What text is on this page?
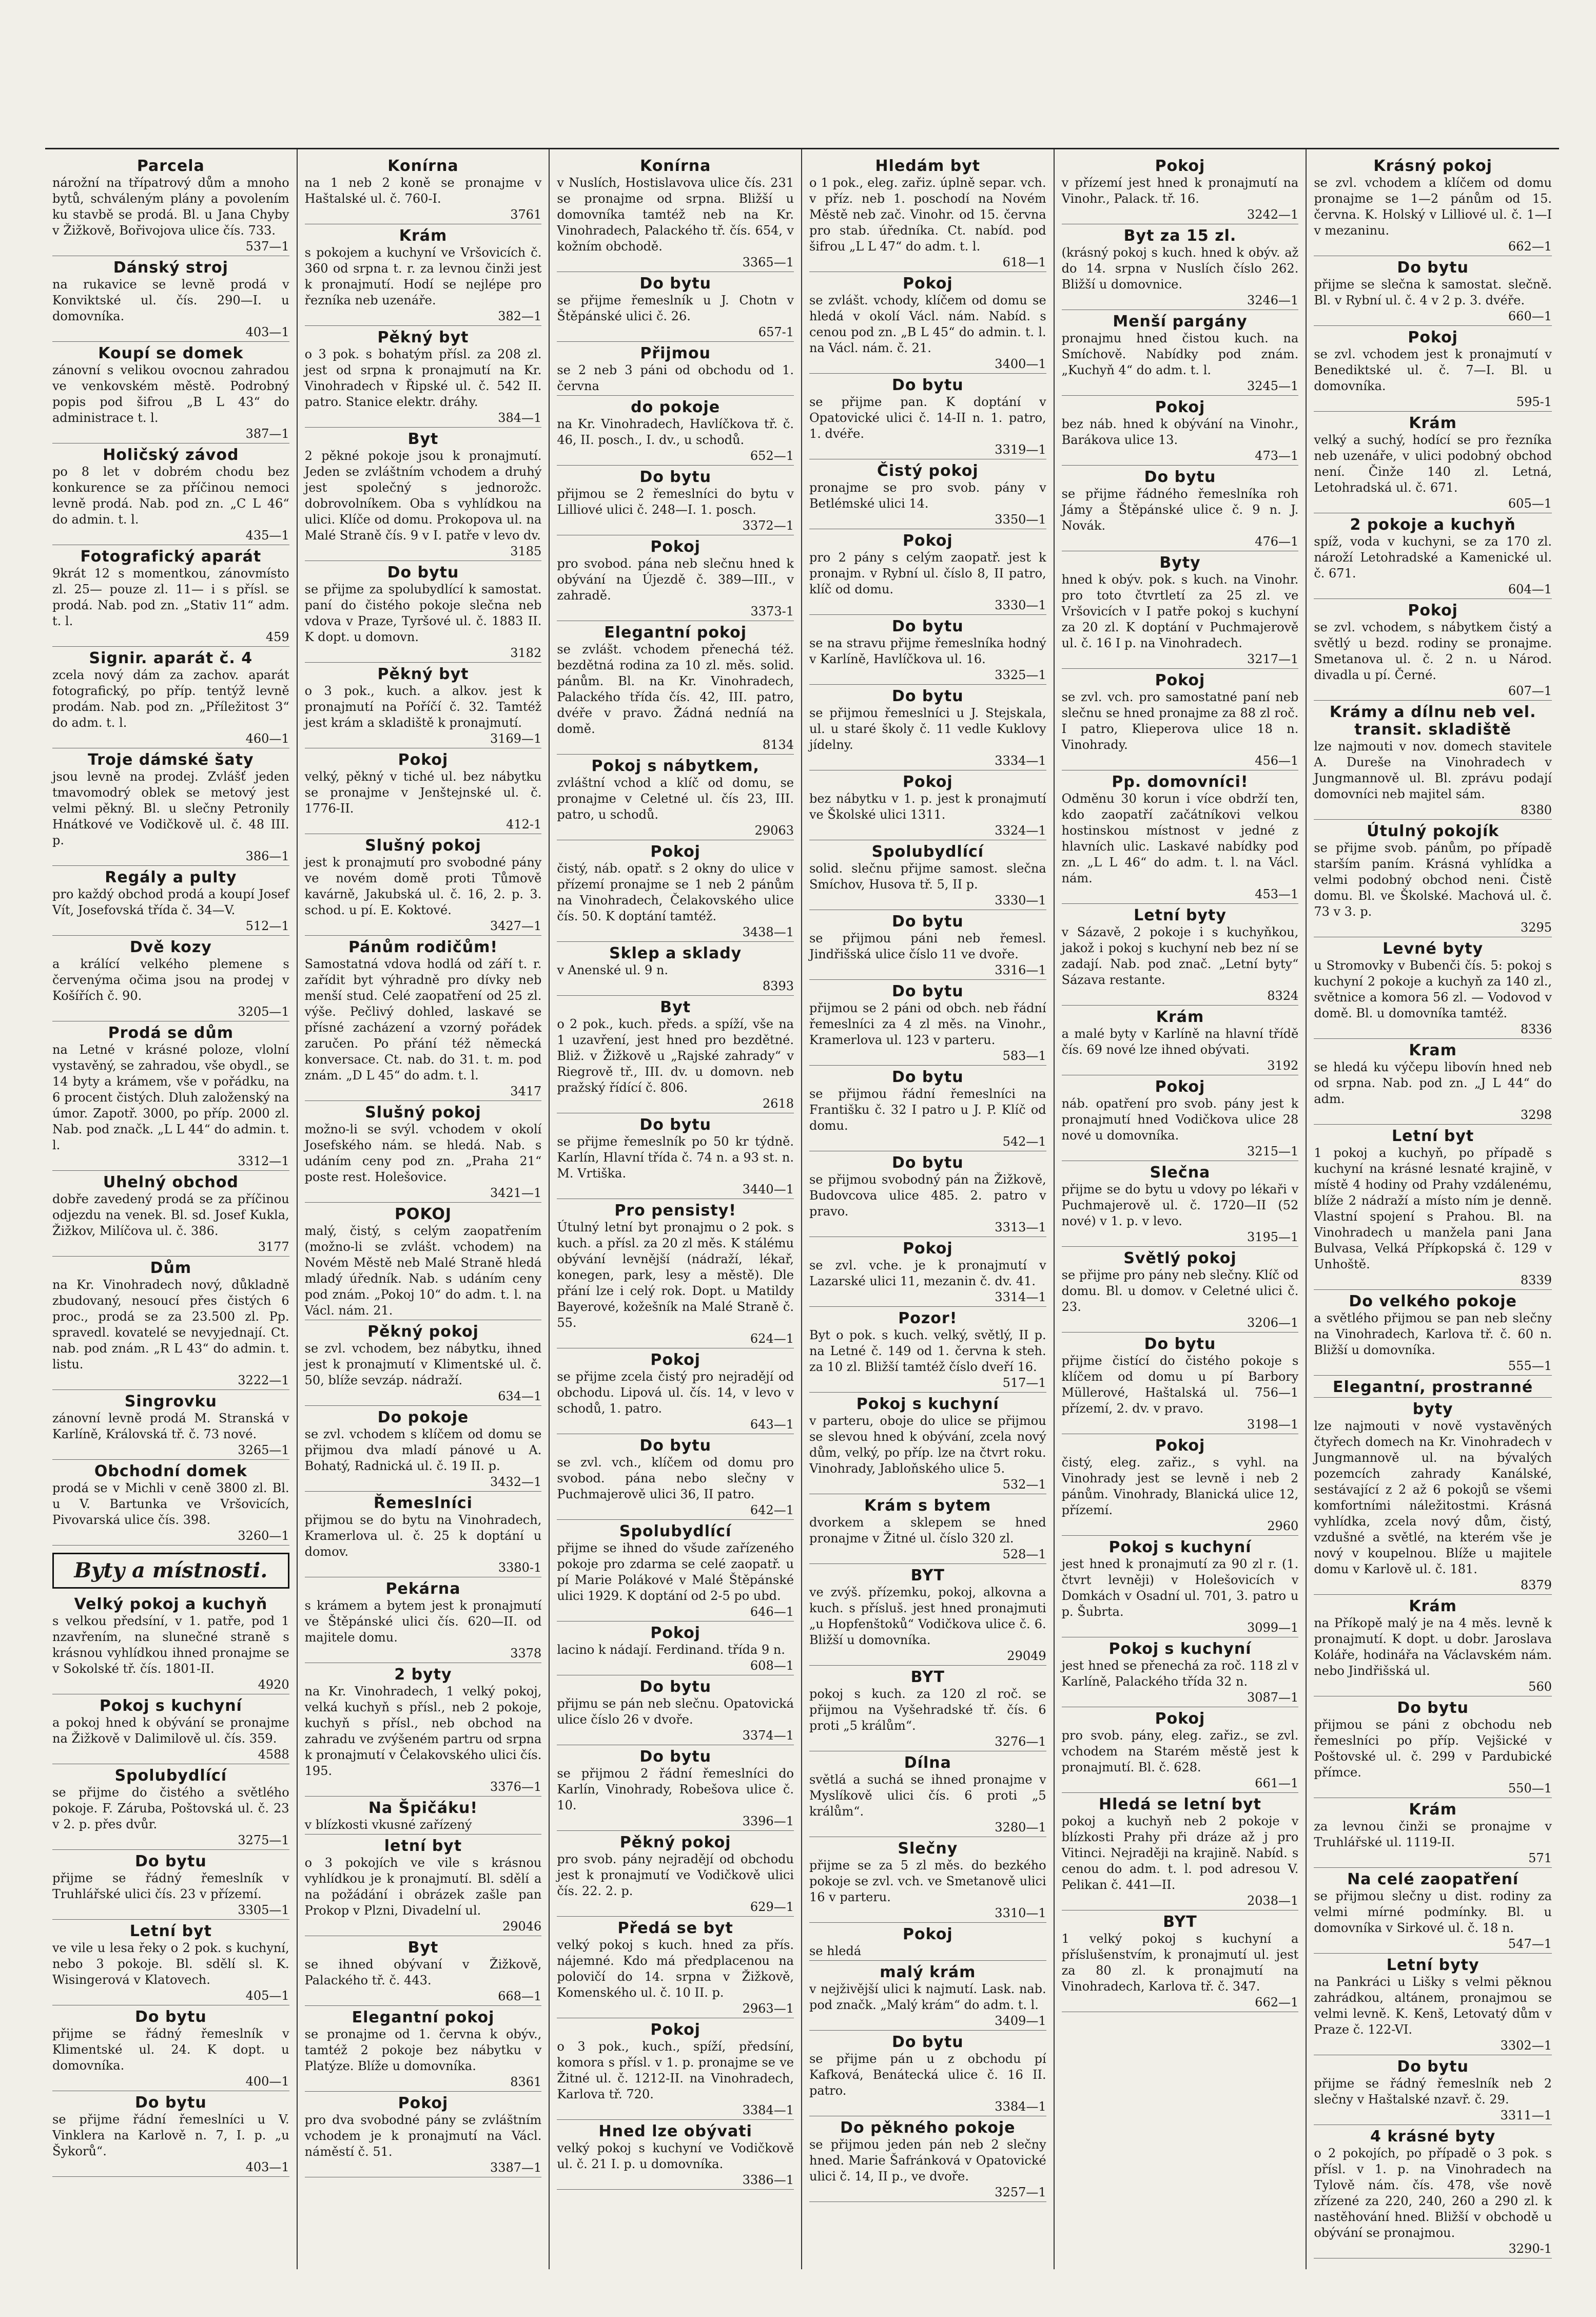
Parcela

nárožní na třípatrový dům a mnoho bytů, schváleným plány a povolením ku stavbě se prodá. Bl. u Jana Chyby v Žižkově, Bořivojova ulice čís. 733.

537—1
Dánský stroj

na rukavice se levně prodá v Konviktské ul. čís. 290—I. u domovníka.

403—1
Koupí se domek

zánovní s velikou ovocnou zahradou ve venkovském městě. Podrobný popis pod šifrou „B L 43“ do administrace t. l.

387—1
Holičský závod

po 8 let v dobrém chodu bez konkurence se za příčinou nemoci levně prodá. Nab. pod zn. „C L 46“ do admin. t. l.

435—1
Fotografický aparát

9krát 12 s momentkou, zánovmísto zl. 25— pouze zl. 11— i s přísl. se prodá. Nab. pod zn. „Stativ 11“ adm. t. l.

459
Signir. aparát č. 4

zcela nový dám za zachov. aparát fotografický, po příp. tentýž levně prodám. Nab. pod zn. „Příležitost 3“ do adm. t. l.

460—1
Troje dámské šaty

jsou levně na prodej. Zvlášť jeden tmavomodrý oblek se metový jest velmi pěkný. Bl. u slečny Petronily Hnátkové ve Vodičkově ul. č. 48 III. p.

386—1
Regály a pulty

pro každý obchod prodá a koupí Josef Vít, Josefovská třída č. 34—V.

512—1
Dvě kozy

a králící velkého plemene s červenýma očima jsou na prodej v Košířích č. 90.

3205—1
Prodá se dům

na Letné v krásné poloze, vlolní vystavěný, se zahradou, vše obydl., se 14 byty a krámem, vše v pořádku, na 6 procent čistých. Dluh založenský na úmor. Zapotř. 3000, po příp. 2000 zl. Nab. pod značk. „L L 44“ do admin. t. l.

3312—1
Uhelný obchod

dobře zavedený prodá se za příčinou odjezdu na venek. Bl. sd. Josef Kukla, Žižkov, Milíčova ul. č. 386.

3177
Dům

na Kr. Vinohradech nový, důkladně zbudovaný, nesoucí přes čistých 6 proc., prodá se za 23.500 zl. Pp. spravedl. kovatelé se nevyjednají. Ct. nab. pod znám. „R L 43“ do admin. t. listu.

3222—1
Singrovku

zánovní levně prodá M. Stranská v Karlíně, Královská tř. č. 73 nové.

3265—1
Obchodní domek

prodá se v Michli v ceně 3800 zl. Bl. u V. Bartunka ve Vršovicích, Pivovarská ulice čís. 398.

3260—1
Byty a místnosti.
Velký pokoj a kuchyň

s velkou předsíní, v 1. patře, pod 1 nzavřením, na slunečné straně s krásnou vyhlídkou ihned pronajme se v Sokolské tř. čís. 1801-II.

4920
Pokoj s kuchyní

a pokoj hned k obývání se pronajme na Žižkově v Dalimilově ul. čís. 359.

4588
Spolubydlící

se přijme do čistého a světlého pokoje. F. Záruba, Poštovská ul. č. 23 v 2. p. přes dvůr.

3275—1
Do bytu

přijme se řádný řemeslník v Truhlářské ulici čís. 23 v přízemí.

3305—1
Letní byt

ve vile u lesa řeky o 2 pok. s kuchyní, nebo 3 pokoje. Bl. sdělí sl. K. Wisingerová v Klatovech.

405—1
Do bytu

přijme se řádný řemeslník v Klimentské ul. 24. K dopt. u domovníka.

400—1
Do bytu

se přijme řádní řemeslníci u V. Vinklera na Karlově n. 7, I. p. „u Šykorů“.

403—1
Konírna

na 1 neb 2 koně se pronajme v Haštalské ul. č. 760-I.

3761
Krám

s pokojem a kuchyní ve Vršovicích č. 360 od srpna t. r. za levnou činži jest k pronajmutí. Hodí se nejlépe pro řezníka neb uzenáře.

382—1
Pěkný byt

o 3 pok. s bohatým přísl. za 208 zl. jest od srpna k pronajmutí na Kr. Vinohradech v Řipské ul. č. 542 II. patro. Stanice elektr. dráhy.

384—1
Byt

2 pěkné pokoje jsou k pronajmutí. Jeden se zvláštním vchodem a druhý jest společný s jednorožc. dobrovolníkem. Oba s vyhlídkou na ulici. Klíče od domu. Prokopova ul. na Malé Straně čís. 9 v I. patře v levo dv.

3185
Do bytu

se přijme za spolubydlící k samostat. paní do čistého pokoje slečna neb vdova v Praze, Tyršové ul. č. 1883 II. K dopt. u domovn.

3182
Pěkný byt

o 3 pok., kuch. a alkov. jest k pronajmutí na Poříčí č. 32. Tamtéž jest krám a skladiště k pronajmutí.

3169—1
Pokoj

velký, pěkný v tiché ul. bez nábytku se pronajme v Jenštejnské ul. č. 1776-II.

412-1
Slušný pokoj

jest k pronajmutí pro svobodné pány ve novém domě proti Tůmově kavárně, Jakubská ul. č. 16, 2. p. 3. schod. u pí. E. Koktové.

3427—1
Pánům rodičům!

Samostatná vdova hodlá od září t. r. zařídit byt výhradně pro dívky neb menší stud. Celé zaopatření od 25 zl. výše. Pečlivý dohled, laskavé se přísné zacházení a vzorný pořádek zaručen. Po přání též německá konversace. Ct. nab. do 31. t. m. pod znám. „D L 45“ do adm. t. l.

3417
Slušný pokoj

možno-li se svýl. vchodem v okolí Josefského nám. se hledá. Nab. s udáním ceny pod zn. „Praha 21“ poste rest. Holešovice.

3421—1
POKOJ

malý, čistý, s celým zaopatřením (možno-li se zvlášt. vchodem) na Novém Městě neb Malé Straně hledá mladý úředník. Nab. s udáním ceny pod znám. „Pokoj 10“ do adm. t. l. na Václ. nám. 21.

Pěkný pokoj

se zvl. vchodem, bez nábytku, ihned jest k pronajmutí v Klimentské ul. č. 50, blíže sevzáp. nádraží.

634—1
Do pokoje

se zvl. vchodem s klíčem od domu se přijmou dva mladí pánové u A. Bohatý, Radnická ul. č. 19 II. p.

3432—1
Řemeslníci

přijmou se do bytu na Vinohradech, Kramerlova ul. č. 25 k doptání u domov.

3380-1
Pekárna

s krámem a bytem jest k pronajmutí ve Štěpánské ulici čís. 620—II. od majitele domu.

3378
2 byty

na Kr. Vinohradech, 1 velký pokoj, velká kuchyň s přísl., neb 2 pokoje, kuchyň s přísl., neb obchod na zahradu ve zvýšeném partru od srpna k pronajmutí v Čelakovského ulici čís. 195.

3376—1
Na Špičáku!

v blízkosti vkusné zařízený

letní byt

o 3 pokojích ve vile s krásnou vyhlídkou je k pronajmutí. Bl. sdělí a na požádání i obrázek zašle pan Prokop v Plzni, Divadelní ul.

29046
Byt

se ihned obývaní v Žižkově, Palackého tř. č. 443.

668—1
Elegantní pokoj

se pronajme od 1. června k obýv., tamtéž 2 pokoje bez nábytku v Platýze. Blíže u domovníka.

8361
Pokoj

pro dva svobodné pány se zvláštním vchodem je k pronajmutí na Václ. náměstí č. 51.

3387—1
Konírna

v Nuslích, Hostislavova ulice čís. 231 se pronajme od srpna. Bližší u domovníka tamtéž neb na Kr. Vinohradech, Palackého tř. čís. 654, v kožním obchodě.

3365—1
Do bytu

se přijme řemeslník u J. Chotn v Štěpánské ulici č. 26.

657-1
Přijmou

se 2 neb 3 páni od obchodu od 1. června

do pokoje

na Kr. Vinohradech, Havlíčkova tř. č. 46, II. posch., I. dv., u schodů.

652—1
Do bytu

přijmou se 2 řemeslníci do bytu v Lilliové ulici č. 248—I. 1. posch.

3372—1
Pokoj

pro svobod. pána neb slečnu hned k obývání na Újezdě č. 389—III., v zahradě.

3373-1
Elegantní pokoj

se zvlášt. vchodem přenechá též. bezdětná rodina za 10 zl. měs. solid. pánům. Bl. na Kr. Vinohradech, Palackého třída čís. 42, III. patro, dvéře v pravo. Žádná nedníá na domě.

8134
Pokoj s nábytkem,

zvláštní vchod a klíč od domu, se pronajme v Celetné ul. čís 23, III. patro, u schodů.

29063
Pokoj

čistý, náb. opatř. s 2 okny do ulice v přízemí pronajme se 1 neb 2 pánům na Vinohradech, Čelakovského ulice čís. 50. K doptání tamtéž.

3438—1
Sklep a sklady

v Anenské ul. 9 n.

8393
Byt

o 2 pok., kuch. předs. a spíží, vše na 1 uzavření, jest hned pro bezdětné. Bliž. v Žižkově u „Rajské zahrady“ v Riegrově tř., III. dv. u domovn. neb pražský řídící č. 806.

2618
Do bytu

se přijme řemeslník po 50 kr týdně. Karlín, Hlavní třída č. 74 n. a 93 st. n. M. Vrtiška.

3440—1
Pro pensisty!

Útulný letní byt pronajmu o 2 pok. s kuch. a přísl. za 20 zl měs. K stálému obývání levnější (nádraží, lékař, konegen, park, lesy a městě). Dle přání lze i celý rok. Dopt. u Matildy Bayerové, kožešník na Malé Straně č. 55.

624—1
Pokoj

se přijme zcela čistý pro nejradějí od obchodu. Lipová ul. čís. 14, v levo v schodů, 1. patro.

643—1
Do bytu

se zvl. vch., klíčem od domu pro svobod. pána nebo slečny v Puchmajerově ulici 36, II patro.

642—1
Spolubydlící

přijme se ihned do všude zařízeného pokoje pro zdarma se celé zaopatř. u pí Marie Polákové v Malé Štěpánské ulici 1929. K doptání od 2-5 po ubd.

646—1
Pokoj

lacino k nádají. Ferdinand. třída 9 n.

608—1
Do bytu

přijmu se pán neb slečnu. Opatovická ulice číslo 26 v dvoře.

3374—1
Do bytu

se přijmou 2 řádní řemeslníci do Karlín, Vinohrady, Robešova ulice č. 10.

3396—1
Pěkný pokoj

pro svob. pány nejradějí od obchodu jest k pronajmutí ve Vodičkově ulici čís. 22. 2. p.

629—1
Předá se byt

velký pokoj s kuch. hned za přís. nájemné. Kdo má předplacenou na polovičí do 14. srpna v Žižkově, Komenského ul. č. 10 II. p.

2963—1
Pokoj

o 3 pok., kuch., spíží, předsíní, komora s přísl. v 1. p. pronajme se ve Žitné ul. č. 1212-II. na Vinohradech, Karlova tř. 720.

3384—1
Hned lze obývati

velký pokoj s kuchyní ve Vodičkově ul. č. 21 I. p. u domovníka.

3386—1
Hledám byt

o 1 pok., eleg. zařiz. úplně separ. vch. v příz. neb 1. poschodí na Novém Městě neb zač. Vinohr. od 15. června pro stab. úředníka. Ct. nabíd. pod šifrou „L L 47“ do adm. t. l.

618—1
Pokoj

se zvlášt. vchody, klíčem od domu se hledá v okolí Václ. nám. Nabíd. s cenou pod zn. „B L 45“ do admin. t. l. na Václ. nám. č. 21.

3400—1
Do bytu

se přijme pan. K doptání v Opatovické ulici č. 14-II n. 1. patro, 1. dvéře.

3319—1
Čistý pokoj

pronajme se pro svob. pány v Betlémské ulici 14.

3350—1
Pokoj

pro 2 pány s celým zaopatř. jest k pronajm. v Rybní ul. číslo 8, II patro, klíč od domu.

3330—1
Do bytu

se na stravu přijme řemeslníka hodný v Karlíně, Havlíčkova ul. 16.

3325—1
Do bytu

se přijmou řemeslníci u J. Stejskala, ul. u staré školy č. 11 vedle Kuklovy jídelny.

3334—1
Pokoj

bez nábytku v 1. p. jest k pronajmutí ve Školské ulici 1311.

3324—1
Spolubydlící

solid. slečnu přijme samost. slečna Smíchov, Husova tř. 5, II p.

3330—1
Do bytu

se přijmou páni neb řemesl. Jindřišská ulice číslo 11 ve dvoře.

3316—1
Do bytu

přijmou se 2 páni od obch. neb řádní řemeslníci za 4 zl měs. na Vinohr., Kramerlova ul. 123 v parteru.

583—1
Do bytu

se přijmou řádní řemeslníci na Františku č. 32 I patro u J. P. Klíč od domu.

542—1
Do bytu

se přijmou svobodný pán na Žižkově, Budovcova ulice 485. 2. patro v pravo.

3313—1
Pokoj

se zvl. vche. je k pronajmutí v Lazarské ulici 11, mezanin č. dv. 41.

3314—1
Pozor!

Byt o pok. s kuch. velký, světlý, II p. na Letné č. 149 od 1. června k steh. za 10 zl. Bližší tamtéž číslo dveří 16.

517—1
Pokoj s kuchyní

v parteru, oboje do ulice se přijmou se slevou hned k obývání, zcela nový dům, velký, po příp. lze na čtvrt roku. Vinohrady, Jabloňského ulice 5.

532—1
Krám s bytem

dvorkem a sklepem se hned pronajme v Žitné ul. číslo 320 zl.

528—1
BYT

ve zvýš. přízemku, pokoj, alkovna a kuch. s přísluš. jest hned pronajmuti „u Hopfenštoků“ Vodičkova ulice č. 6. Bližší u domovníka.

29049
BYT

pokoj s kuch. za 120 zl roč. se přijmou na Vyšehradské tř. čís. 6 proti „5 králům“.

3276—1
Dílna

světlá a suchá se ihned pronajme v Myslíkově ulici čís. 6 proti „5 králům“.

3280—1
Slečny

přijme se za 5 zl měs. do bezkého pokoje se zvl. vch. ve Smetanově ulici 16 v parteru.

3310—1
Pokoj

se hledá

malý krám

v nejživější ulici k najmutí. Lask. nab. pod značk. „Malý krám“ do adm. t. l.

3409—1
Do bytu

se přijme pán u z obchodu pí Kafková, Benátecká ulice č. 16 II. patro.

3384—1
Do pěkného pokoje

se přijmou jeden pán neb 2 slečny hned. Marie Šafránková v Opatovické ulici č. 14, II p., ve dvoře.

3257—1
Pokoj

v přízemí jest hned k pronajmutí na Vinohr., Palack. tř. 16.

3242—1
Byt za 15 zl.

(krásný pokoj s kuch. hned k obýv. až do 14. srpna v Nuslích číslo 262. Bližší u domovnice.

3246—1
Menší pargány

pronajmu hned čistou kuch. na Smíchově. Nabídky pod znám. „Kuchyň 4“ do adm. t. l.

3245—1
Pokoj

bez náb. hned k obývání na Vinohr., Barákova ulice 13.

473—1
Do bytu

se přijme řádného řemeslníka roh Jámy a Štěpánské ulice č. 9 n. J. Novák.

476—1
Byty

hned k obýv. pok. s kuch. na Vinohr. pro toto čtvrtletí za 25 zl. ve Vršovicích v I patře pokoj s kuchyní za 20 zl. K doptání v Puchmajerově ul. č. 16 I p. na Vinohradech.

3217—1
Pokoj

se zvl. vch. pro samostatné paní neb slečnu se hned pronajme za 88 zl roč. I patro, Klieperova ulice 18 n. Vinohrady.

456—1
Pp. domovníci!

Odměnu 30 korun i více obdrží ten, kdo zaopatří začátníkovi velkou hostinskou místnost v jedné z hlavních ulic. Laskavé nabídky pod zn. „L L 46“ do adm. t. l. na Václ. nám.

453—1
Letní byty

v Sázavě, 2 pokoje i s kuchyňkou, jakož i pokoj s kuchyní neb bez ní se zadají. Nab. pod znač. „Letní byty“ Sázava restante.

8324
Krám

a malé byty v Karlíně na hlavní třídě čís. 69 nové lze ihned obývati.

3192
Pokoj

náb. opatření pro svob. pány jest k pronajmutí hned Vodičkova ulice 28 nové u domovníka.

3215—1
Slečna

přijme se do bytu u vdovy po lékaři v Puchmajerově ul. č. 1720—II (52 nové) v 1. p. v levo.

3195—1
Světlý pokoj

se přijme pro pány neb slečny. Klíč od domu. Bl. u domov. v Celetné ulici č. 23.

3206—1
Do bytu

přijme čistící do čistého pokoje s klíčem od domu u pí Barbory Müllerové, Haštalská ul. 756—1 přízemí, 2. dv. v pravo.

3198—1
Pokoj

čistý, eleg. zařiz., s vyhl. na Vinohrady jest se levně i neb 2 pánům. Vinohrady, Blanická ulice 12, přízemí.

2960
Pokoj s kuchyní

jest hned k pronajmutí za 90 zl r. (1. čtvrt levněji) v Holešovicích v Domkách v Osadní ul. 701, 3. patro u p. Šubrta.

3099—1
Pokoj s kuchyní

jest hned se přenechá za roč. 118 zl v Karlíně, Palackého třída 32 n.

3087—1
Pokoj

pro svob. pány, eleg. zařiz., se zvl. vchodem na Starém městě jest k pronajmutí. Bl. č. 628.

661—1
Hledá se letní byt

pokoj a kuchyň neb 2 pokoje v blízkosti Prahy při dráze až j pro Vitinci. Nejraději na krajině. Nabíd. s cenou do adm. t. l. pod adresou V. Pelikan č. 441—II.

2038—1
BYT

1 velký pokoj s kuchyní a příslušenstvím, k pronajmutí ul. jest za 80 zl. k pronajmutí na Vinohradech, Karlova tř. č. 347.

662—1
Krásný pokoj

se zvl. vchodem a klíčem od domu pronajme se 1—2 pánům od 15. června. K. Holský v Lilliové ul. č. 1—I v mezaninu.

662—1
Do bytu

přijme se slečna k samostat. slečně. Bl. v Rybní ul. č. 4 v 2 p. 3. dvéře.

660—1
Pokoj

se zvl. vchodem jest k pronajmutí v Benediktské ul. č. 7—I. Bl. u domovníka.

595-1
Krám

velký a suchý, hodící se pro řezníka neb uzenáře, v ulici podobný obchod není. Činže 140 zl. Letná, Letohradská ul. č. 671.

605—1
2 pokoje a kuchyň

spíž, voda v kuchyni, se za 170 zl. nároží Letohradské a Kamenické ul. č. 671.

604—1
Pokoj

se zvl. vchodem, s nábytkem čistý a světlý u bezd. rodiny se pronajme. Smetanova ul. č. 2 n. u Národ. divadla u pí. Černé.

607—1
Krámy a dílnu neb vel. transit. skladiště

lze najmouti v nov. domech stavitele A. Dureše na Vinohradech v Jungmannově ul. Bl. zprávu podají domovníci neb majitel sám.

8380
Útulný pokojík

se přijme svob. pánům, po případě starším paním. Krásná vyhlídka a velmi podobný obchod neni. Čistě domu. Bl. ve Školské. Machová ul. č. 73 v 3. p.

3295
Levné byty

u Stromovky v Bubenči čís. 5: pokoj s kuchyní 2 pokoje a kuchyň za 140 zl., světnice a komora 56 zl. — Vodovod v domě. Bl. u domovníka tamtéž.

8336
Kram

se hledá ku výčepu libovín hned neb od srpna. Nab. pod zn. „J L 44“ do adm.

3298
Letní byt

1 pokoj a kuchyň, po případě s kuchyní na krásné lesnaté krajině, v místě 4 hodiny od Prahy vzdálenému, blíže 2 nádraží a místo ním je denně. Vlastní spojení s Prahou. Bl. na Vinohradech u manžela pani Jana Bulvasa, Velká Přípkopská č. 129 v Unhoště.

8339
Do velkého pokoje

a světlého přijmou se pan neb slečny na Vinohradech, Karlova tř. č. 60 n. Bližší u domovníka.

555—1
Elegantní, prostranné
byty

lze najmouti v nově vystavěných čtyřech domech na Kr. Vinohradech v Jungmannově ul. na bývalých pozemcích zahrady Kanálské, sestávající z 2 až 6 pokojů se všemi komfortními náležitostmi. Krásná vyhlídka, zcela nový dům, čistý, vzdušné a světlé, na kterém vše je nový v koupelnou. Blíže u majitele domu v Karlově ul. č. 181.

8379
Krám

na Příkopě malý je na 4 měs. levně k pronajmutí. K dopt. u dobr. Jaroslava Koláře, hodinářa na Václavském nám. nebo Jindřišská ul.

560
Do bytu

přijmou se páni z obchodu neb řemeslníci po příp. Vejšické v Poštovské ul. č. 299 v Pardubické přímce.

550—1
Krám

za levnou činži se pronajme v Truhlářské ul. 1119-II.

571
Na celé zaopatření

se přijmou slečny u dist. rodiny za velmi mírné podmínky. Bl. u domovníka v Sirkové ul. č. 18 n.

547—1
Letní byty

na Pankráci u Lišky s velmi pěknou zahrádkou, altánem, pronajmou se velmi levně. K. Kenš, Letovatý dům v Praze č. 122-VI.

3302—1
Do bytu

přijme se řádný řemeslník neb 2 slečny v Haštalské nzavř. č. 29.

3311—1
4 krásné byty

o 2 pokojích, po případě o 3 pok. s přísl. v 1. p. na Vinohradech na Tylově nám. čís. 478, vše nově zřízené za 220, 240, 260 a 290 zl. k nastěhování hned. Bližší v obchodě u obývání se pronajmou.

3290-1
